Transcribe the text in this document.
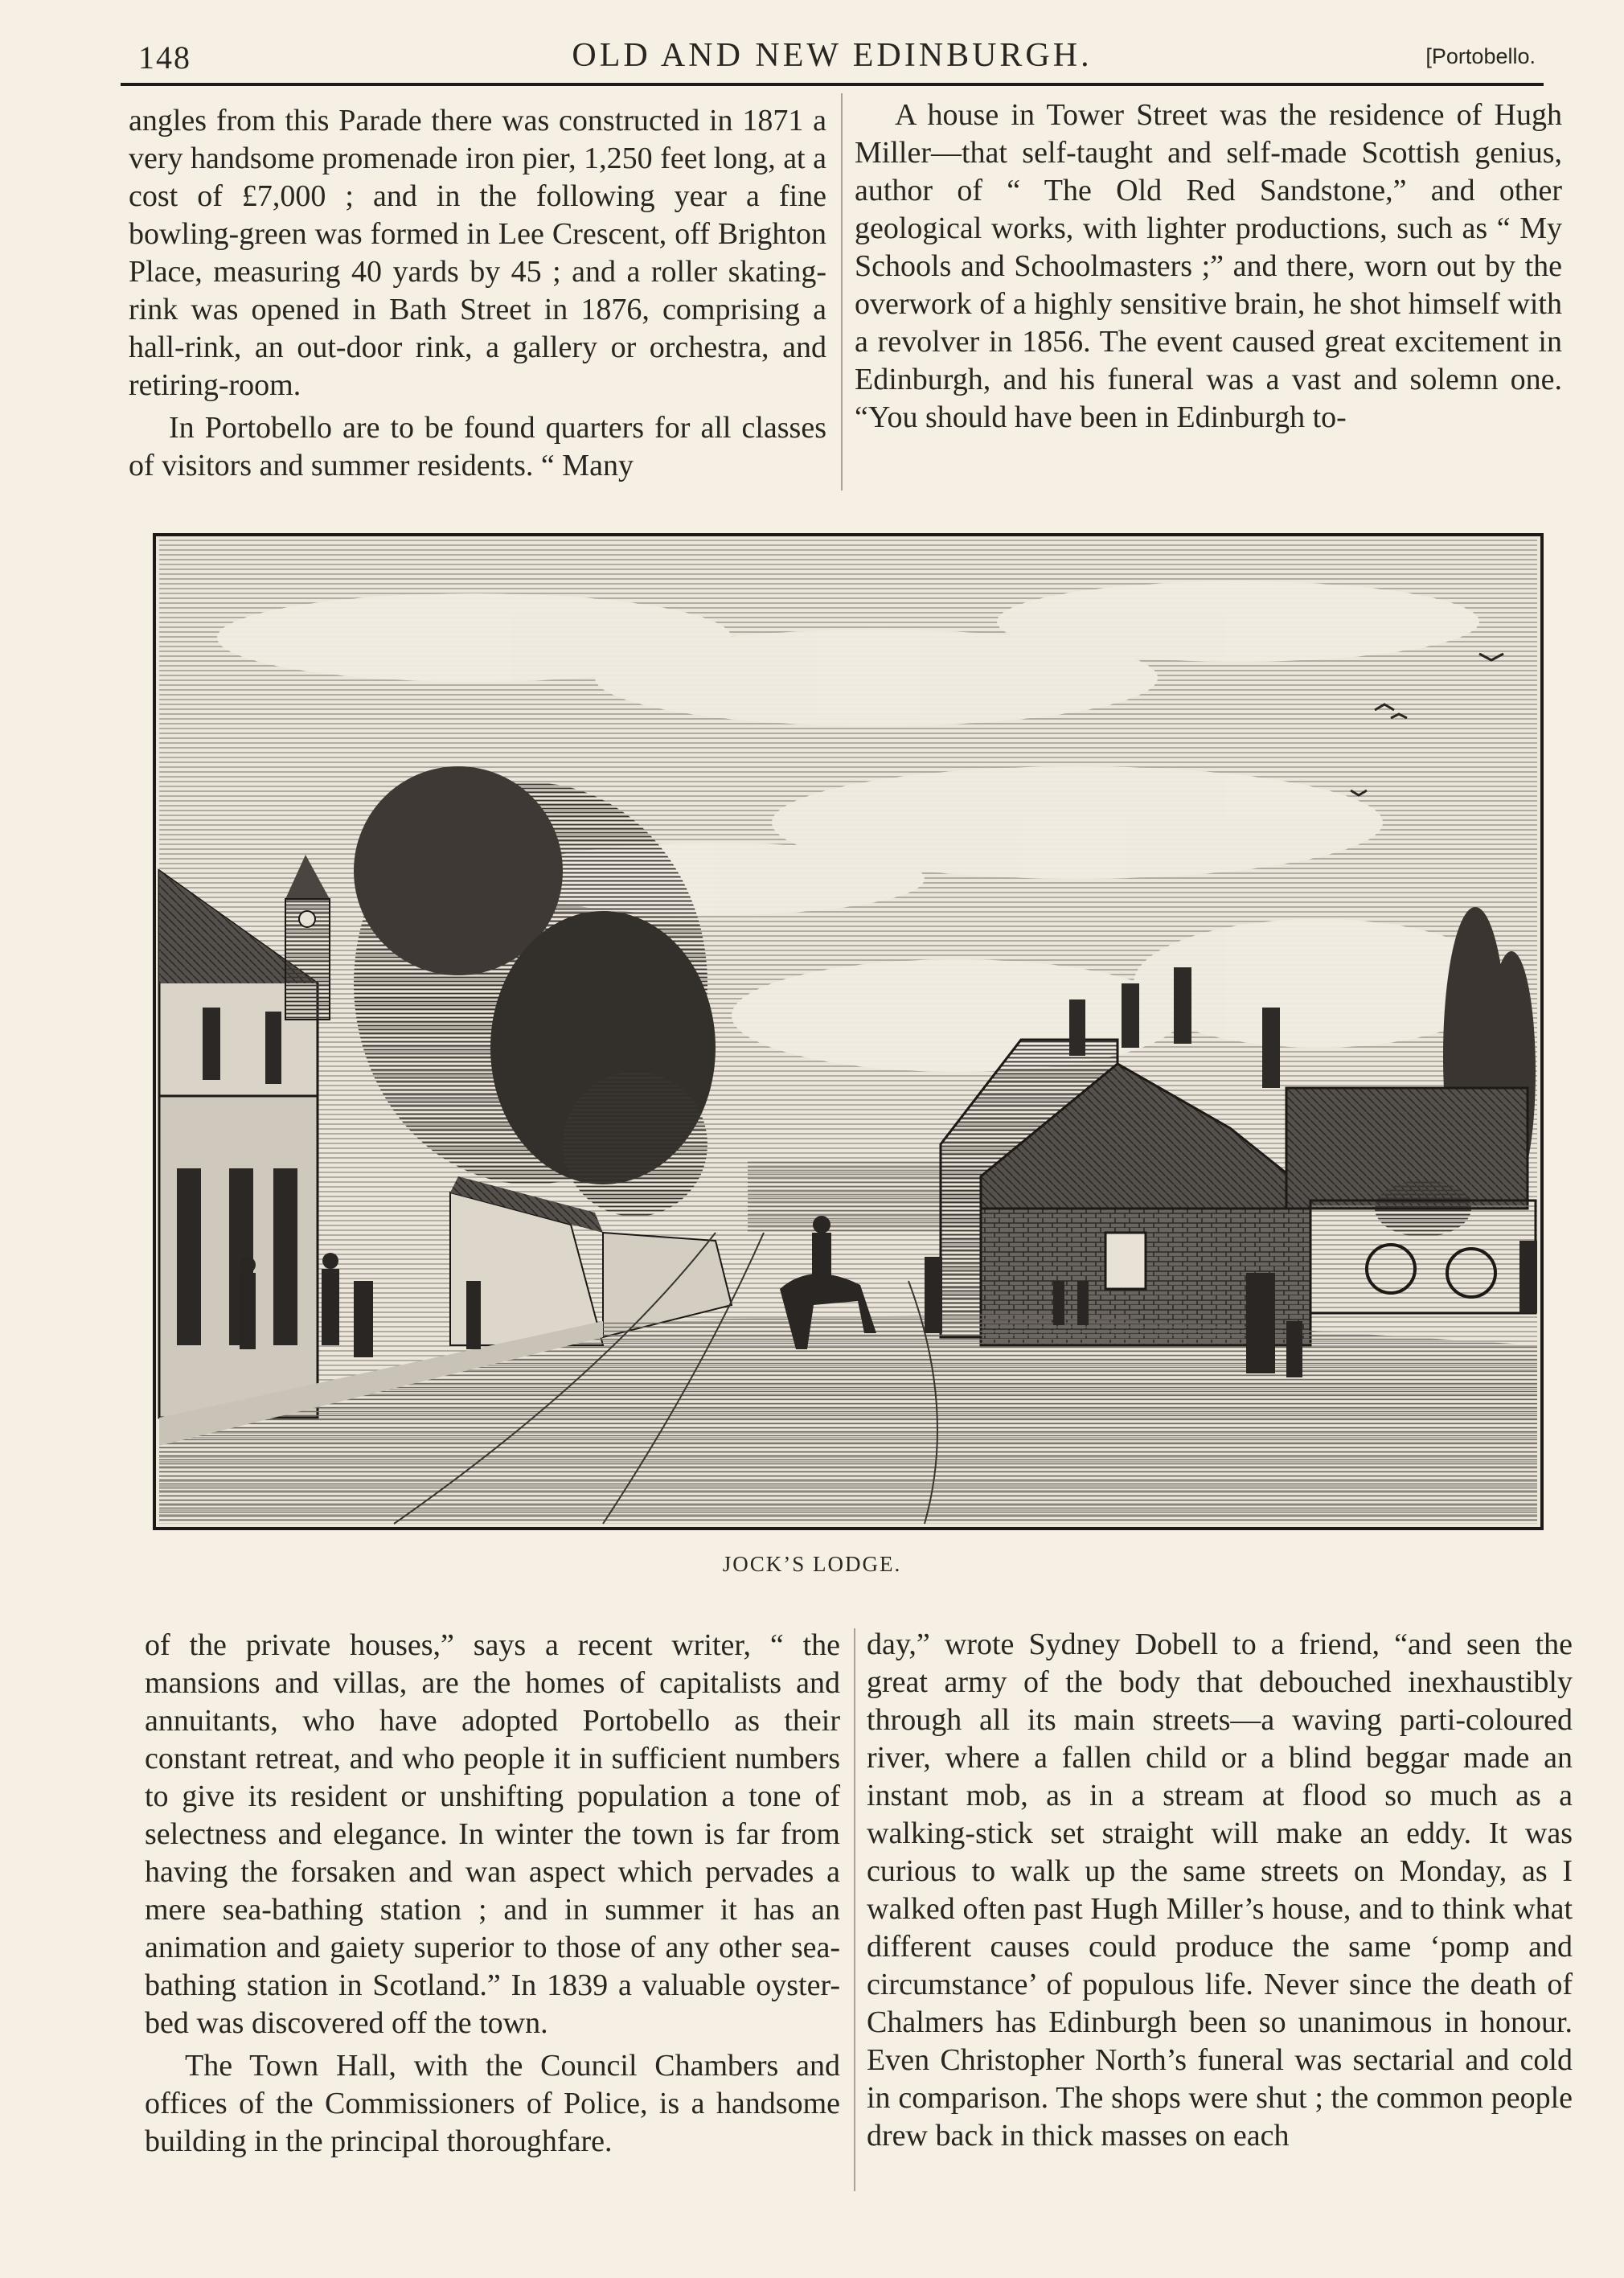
148	OLD AND NEW EDINBURGH.	[Portobello.

angles from this Parade there was constructed in 1871 a very handsome promenade iron pier, 1,250 feet long, at a cost of £7,000 ; and in the following year a fine bowling-green was formed in Lee Crescent, off Brighton Place, measuring 40 yards by 45 ; and a roller skating-rink was opened in Bath Street in 1876, comprising a hall-rink, an out-door rink, a gallery or orchestra, and retiring-room.

In Portobello are to be found quarters for all classes of visitors and summer residents. “ Many

A house in Tower Street was the residence of Hugh Miller—that self-taught and self-made Scottish genius, author of “ The Old Red Sandstone,” and other geological works, with lighter productions, such as “ My Schools and Schoolmasters ;” and there, worn out by the overwork of a highly sensitive brain, he shot himself with a revolver in 1856. The event caused great excitement in Edinburgh, and his funeral was a vast and solemn one. “You should have been in Edinburgh to-

JOCK’S LODGE.

of the private houses,” says a recent writer, “ the mansions and villas, are the homes of capitalists and annuitants, who have adopted Portobello as their constant retreat, and who people it in sufficient numbers to give its resident or unshifting population a tone of selectness and elegance. In winter the town is far from having the forsaken and wan aspect which pervades a mere sea-bathing station ; and in summer it has an animation and gaiety superior to those of any other sea-bathing station in Scotland.” In 1839 a valuable oyster-bed was discovered off the town.

The Town Hall, with the Council Chambers and offices of the Commissioners of Police, is a handsome building in the principal thoroughfare.

day,” wrote Sydney Dobell to a friend, “and seen the great army of the body that debouched inexhaustibly through all its main streets—a waving parti-coloured river, where a fallen child or a blind beggar made an instant mob, as in a stream at flood so much as a walking-stick set straight will make an eddy. It was curious to walk up the same streets on Monday, as I walked often past Hugh Miller’s house, and to think what different causes could produce the same ‘pomp and circumstance’ of populous life. Never since the death of Chalmers has Edinburgh been so unanimous in honour. Even Christopher North’s funeral was sectarial and cold in comparison. The shops were shut ; the common people drew back in thick masses on each
